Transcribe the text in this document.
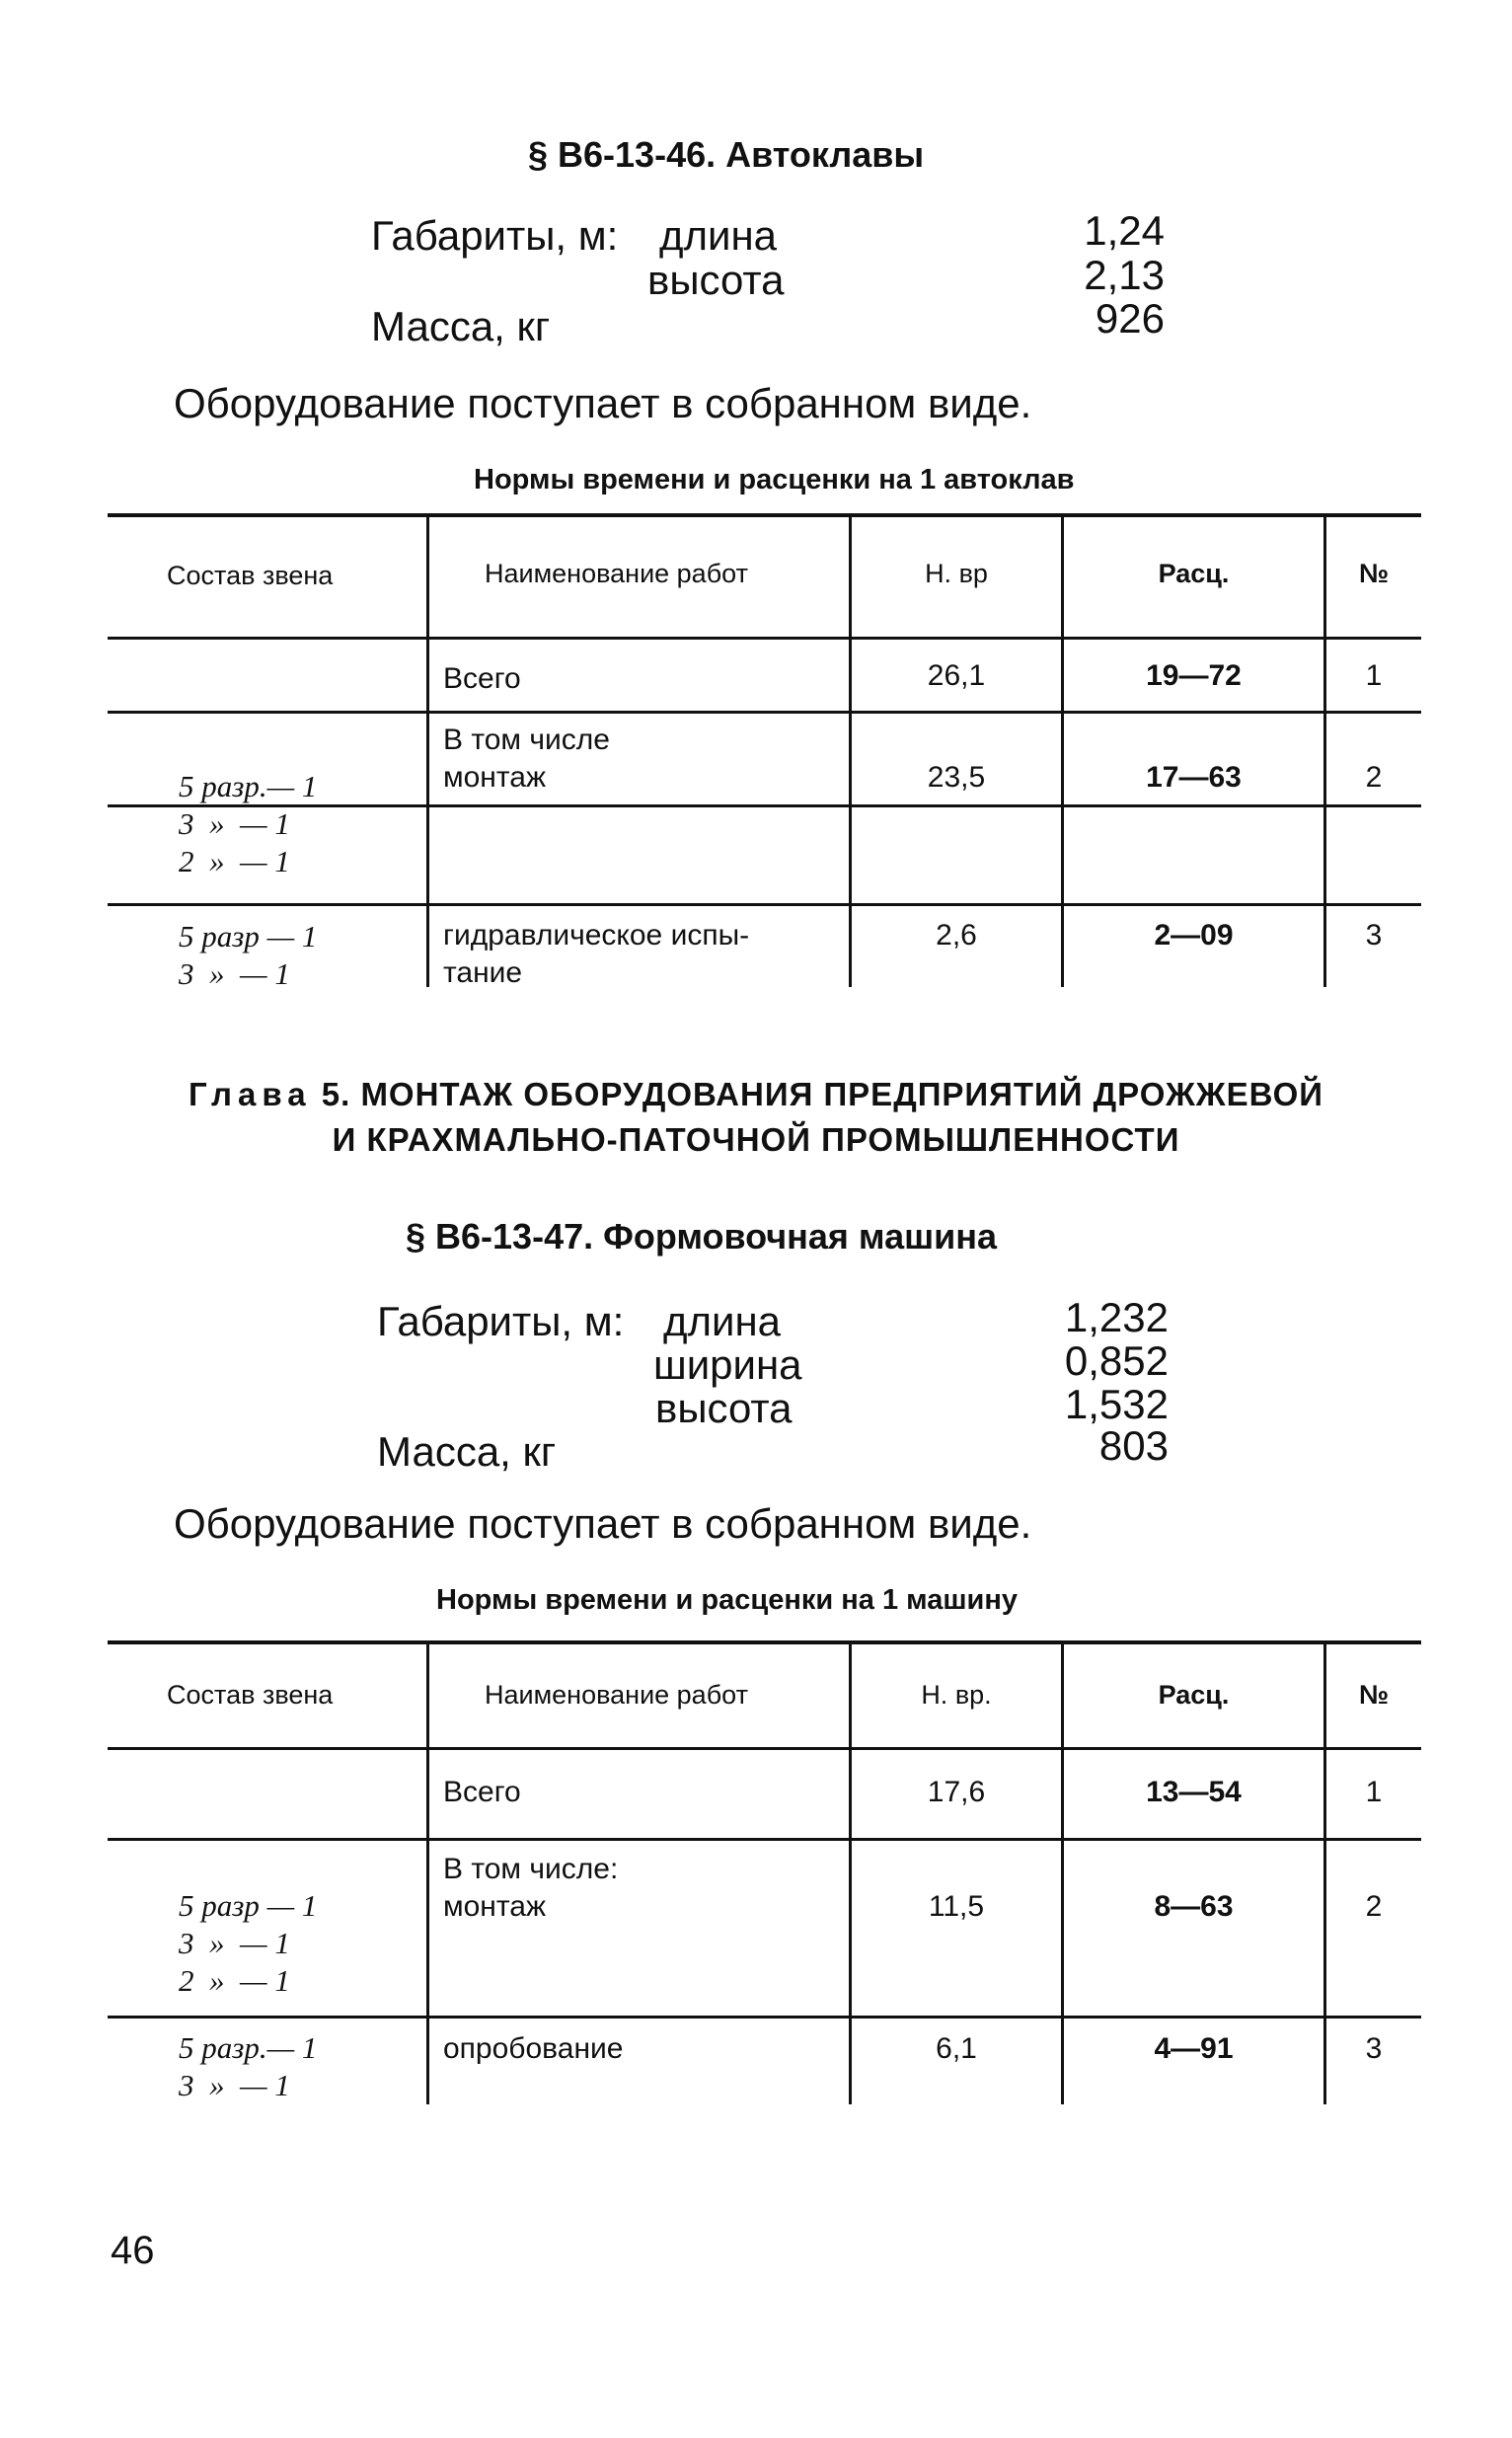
§ В6-13-46. Автоклавы
Габариты, м: длина	1,24
высота	2,13
Масса, кг	926
Оборудование поступает в собранном виде.
Нормы времени и расценки на 1 автоклав
Состав звена	Наименование работ	Н. вр	Расц.	№
Всего	26,1	19—72	1
5 разр.— 1
3  »  — 1
2  »  — 1
В том числе
монтаж	23,5	17—63	2
5 разр — 1
3  »  — 1
гидравлическое испы-
тание
2,6	2—09	3
Глава 5. МОНТАЖ ОБОРУДОВАНИЯ ПРЕДПРИЯТИЙ ДРОЖЖЕВОЙ
И КРАХМАЛЬНО-ПАТОЧНОЙ ПРОМЫШЛЕННОСТИ
§ В6-13-47. Формовочная машина
Габариты, м: длина	1,232
ширина	0,852
высота	1,532
Масса, кг	803
Оборудование поступает в собранном виде.
Нормы времени и расценки на 1 машину
Состав звена	Наименование работ	Н. вр.	Расц.	№
Всего	17,6	13—54	1
5 разр — 1
3  »  — 1
2  »  — 1
В том числе:
монтаж	11,5	8—63	2
5 разр.— 1
3  »  — 1
опробование	6,1	4—91	3
46
